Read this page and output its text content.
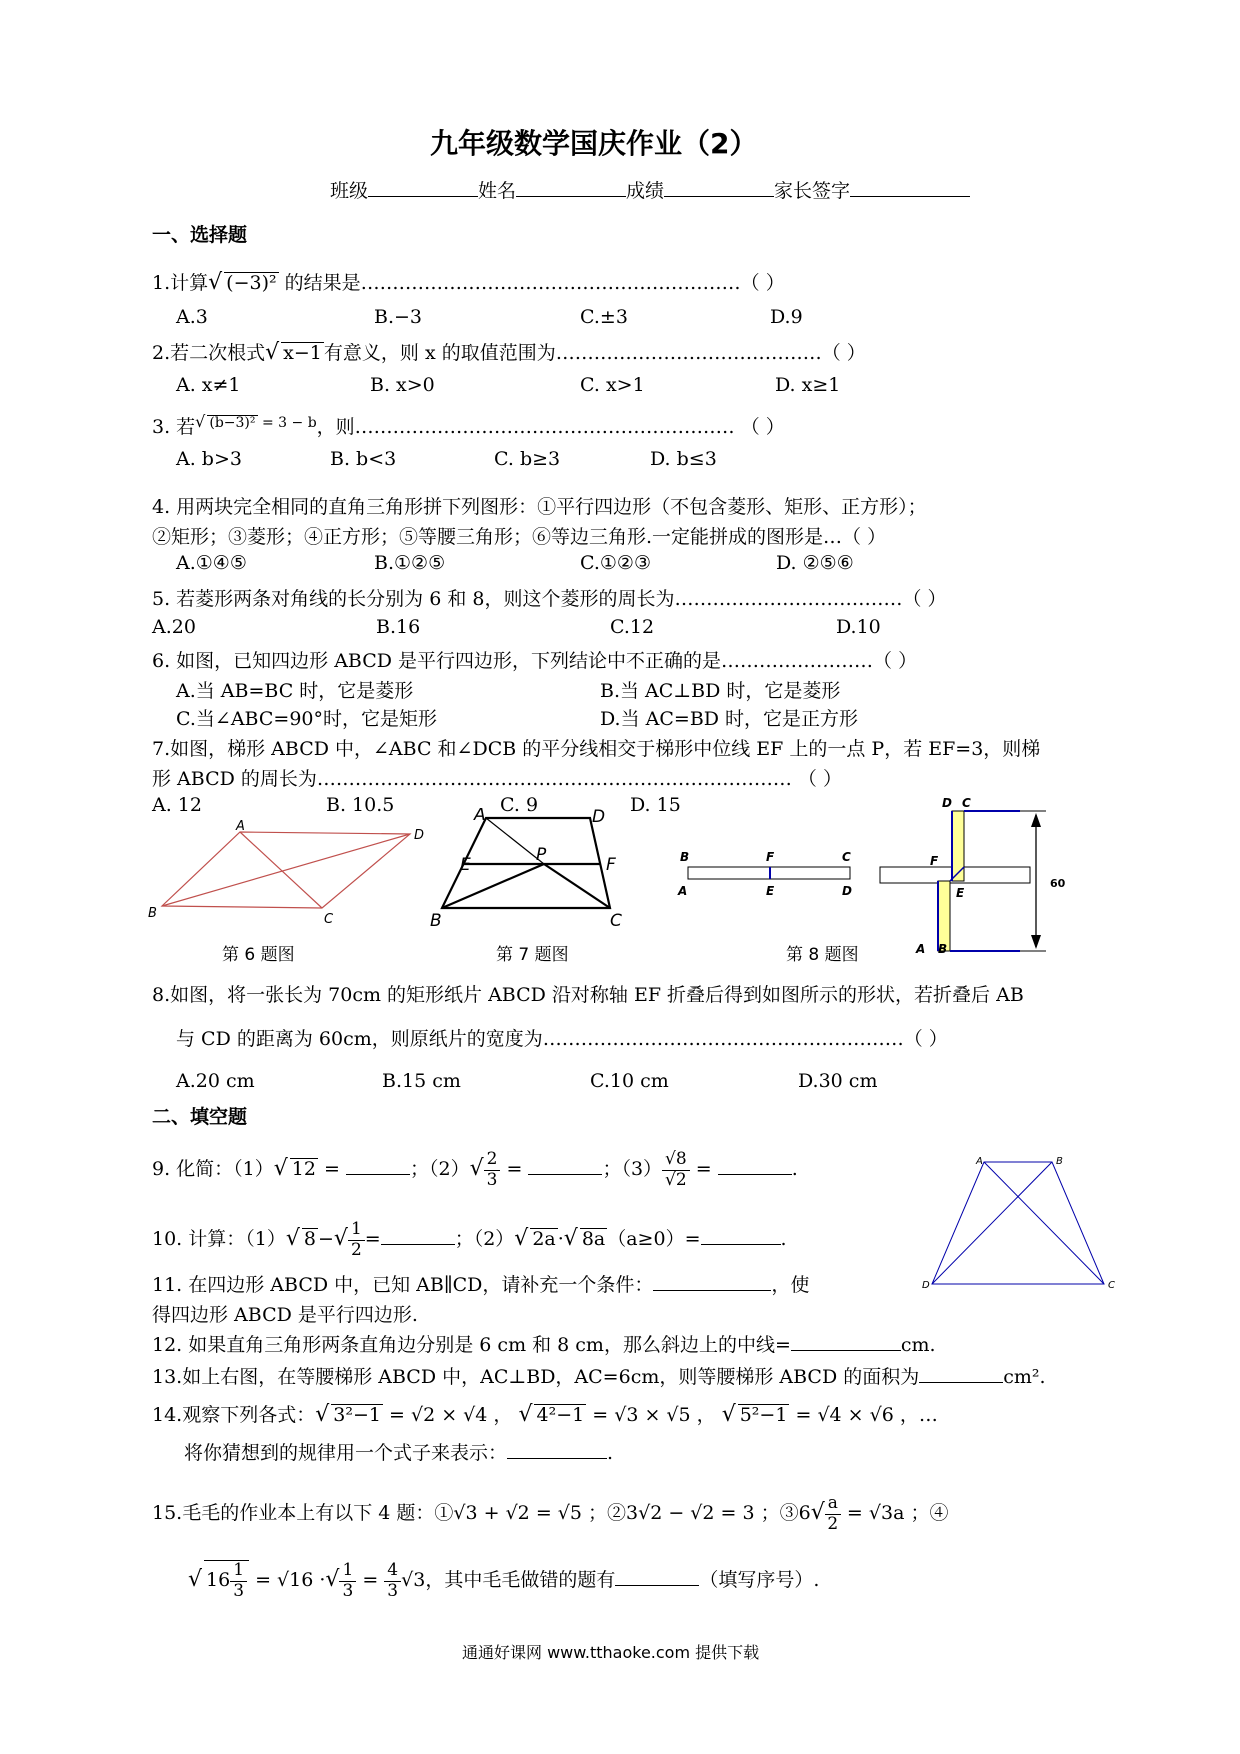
九年级数学国庆作业（2）
班级	姓名	成绩	家长签字
一、选择题
1.计算√ (−3)² 的结果是……………………………………………………（ ）
A.3	B.−3	C.±3	D.9
2.若二次根式√ x−1 有意义，则 x 的取值范围为……………………………………（ ）
A. x≠1	B. x>0	C. x>1	D. x≥1
3. 若$^{√ (b-3)^2 = 3 - b}$，则…………………………………………………… （ ）
A. b>3	B. b<3	C. b≥3	D. b≤3
4. 用两块完全相同的直角三角形拼下列图形：①平行四边形（不包含菱形、矩形、正方形）；
②矩形；③菱形；④正方形；⑤等腰三角形；⑥等边三角形.一定能拼成的图形是…（ ）
A.①④⑤	B.①②⑤	C.①②③	D. ②⑤⑥
5. 若菱形两条对角线的长分别为 6 和 8，则这个菱形的周长为………………………………（ ）
A.20	B.16	C.12	D.10
6. 如图，已知四边形 ABCD 是平行四边形，下列结论中不正确的是……………………（ ）
A.当 AB=BC 时，它是菱形	B.当 AC⊥BD 时，它是菱形
C.当∠ABC=90°时，它是矩形	D.当 AC=BD 时，它是正方形
7.如图，梯形 ABCD 中，∠ABC 和∠DCB 的平分线相交于梯形中位线 EF 上的一点 P，若 EF=3，则梯
形 ABCD 的周长为………………………………………………………………… （ ）
A. 12	B. 10.5	C. 9	D. 15
A
D
B	C
第 6 题图
A	D
E	P	F
B	C
第 7 题图
B	F	C
A	E	D
D C
F
E
A B
60
第 8 题图
8.如图，将一张长为 70cm 的矩形纸片 ABCD 沿对称轴 EF 折叠后得到如图所示的形状，若折叠后 AB
与 CD 的距离为 60cm，则原纸片的宽度为…………………………………………………（ ）
A.20 cm	B.15 cm	C.10 cm	D.30 cm
二、填空题
9. 化简：（1）√ 12 =	；$(2)√ \frac{2}{3}$ =	；$(3) \frac{√8}{√2}$ =	.	A	B
D	C
10. 计算：（1）√ 8 −√ $\frac{1}{2}$ =	；（2）√ 2a ·√ 8a （a≥0）=	.
11. 在四边形 ABCD 中，已知 AB∥CD，请补充一个条件：	，使
得四边形 ABCD 是平行四边形.
12. 如果直角三角形两条直角边分别是 6 cm 和 8 cm，那么斜边上的中线=	cm.
13.如上右图，在等腰梯形 ABCD 中，AC⊥BD，AC=6cm，则等腰梯形 ABCD 的面积为	cm².
14.观察下列各式：√ 3²−1 = √2 × √4 ， √ 4²−1 = √3 × √5 ， √ 5²−1 = √4 × √6 ，…
将你猜想到的规律用一个式子来表示：	.
15.毛毛的作业本上有以下 4 题：①√3 + √2 = √5 ；②3√2 − √2 = 3 ；③6√ $\frac{a}{2} = √3a$ ；④
√ $16 \frac{1}{3} = √16$ ·√ $\frac{1}{3} = \frac{4}{3} √3$，其中毛毛做错的题有	（填写序号）.
通通好课网 www.tthaoke.com 提供下载
